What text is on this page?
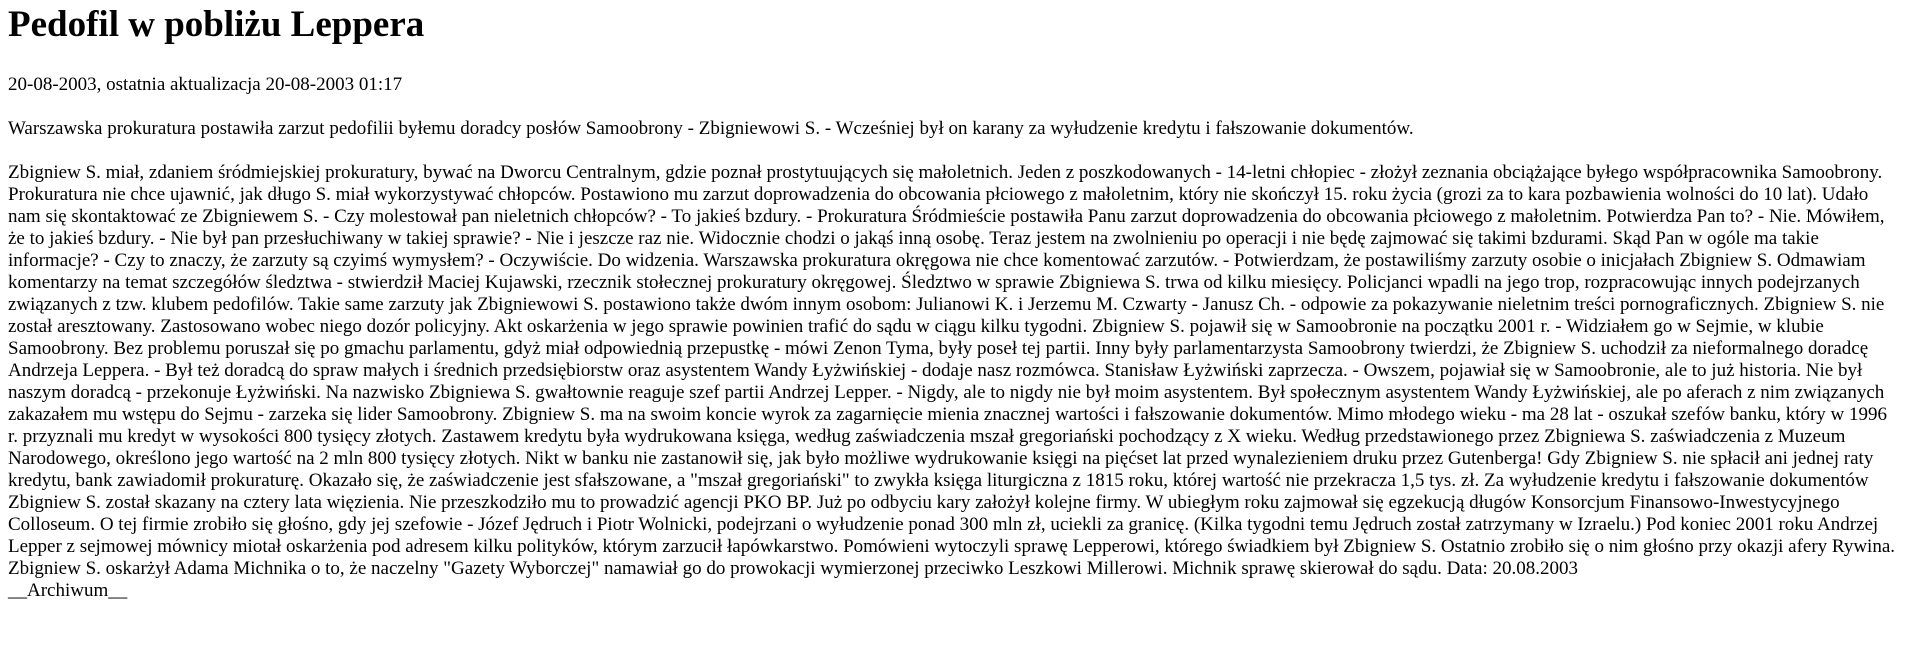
Pedofil w pobliżu Leppera

20-08-2003, ostatnia aktualizacja 20-08-2003 01:17

Warszawska prokuratura postawiła zarzut pedofilii byłemu doradcy posłów Samoobrony - Zbigniewowi S. - Wcześniej był on karany za wyłudzenie kredytu i fałszowanie dokumentów.

Zbigniew S. miał, zdaniem śródmiejskiej prokuratury, bywać na Dworcu Centralnym, gdzie poznał prostytuujących się małoletnich. Jeden z poszkodowanych - 14-letni chłopiec - złożył zeznania obciążające byłego współpracownika Samoobrony. Prokuratura nie chce ujawnić, jak długo S. miał wykorzystywać chłopców. Postawiono mu zarzut doprowadzenia do obcowania płciowego z małoletnim, który nie skończył 15. roku życia (grozi za to kara pozbawienia wolności do 10 lat). Udało nam się skontaktować ze Zbigniewem S. - Czy molestował pan nieletnich chłopców? - To jakieś bzdury. - Prokuratura Śródmieście postawiła Panu zarzut doprowadzenia do obcowania płciowego z małoletnim. Potwierdza Pan to? - Nie. Mówiłem, że to jakieś bzdury. - Nie był pan przesłuchiwany w takiej sprawie? - Nie i jeszcze raz nie. Widocznie chodzi o jakąś inną osobę. Teraz jestem na zwolnieniu po operacji i nie będę zajmować się takimi bzdurami. Skąd Pan w ogóle ma takie informacje? - Czy to znaczy, że zarzuty są czyimś wymysłem? - Oczywiście. Do widzenia. Warszawska prokuratura okręgowa nie chce komentować zarzutów. - Potwierdzam, że postawiliśmy zarzuty osobie o inicjałach Zbigniew S. Odmawiam komentarzy na temat szczegółów śledztwa - stwierdził Maciej Kujawski, rzecznik stołecznej prokuratury okręgowej. Śledztwo w sprawie Zbigniewa S. trwa od kilku miesięcy. Policjanci wpadli na jego trop, rozpracowując innych podejrzanych związanych z tzw. klubem pedofilów. Takie same zarzuty jak Zbigniewowi S. postawiono także dwóm innym osobom: Julianowi K. i Jerzemu M. Czwarty - Janusz Ch. - odpowie za pokazywanie nieletnim treści pornograficznych. Zbigniew S. nie został aresztowany. Zastosowano wobec niego dozór policyjny. Akt oskarżenia w jego sprawie powinien trafić do sądu w ciągu kilku tygodni. Zbigniew S. pojawił się w Samoobronie na początku 2001 r. - Widziałem go w Sejmie, w klubie Samoobrony. Bez problemu poruszał się po gmachu parlamentu, gdyż miał odpowiednią przepustkę - mówi Zenon Tyma, były poseł tej partii. Inny były parlamentarzysta Samoobrony twierdzi, że Zbigniew S. uchodził za nieformalnego doradcę Andrzeja Leppera. - Był też doradcą do spraw małych i średnich przedsiębiorstw oraz asystentem Wandy Łyżwińskiej - dodaje nasz rozmówca. Stanisław Łyżwiński zaprzecza. - Owszem, pojawiał się w Samoobronie, ale to już historia. Nie był naszym doradcą - przekonuje Łyżwiński. Na nazwisko Zbigniewa S. gwałtownie reaguje szef partii Andrzej Lepper. - Nigdy, ale to nigdy nie był moim asystentem. Był społecznym asystentem Wandy Łyżwińskiej, ale po aferach z nim związanych zakazałem mu wstępu do Sejmu - zarzeka się lider Samoobrony. Zbigniew S. ma na swoim koncie wyrok za zagarnięcie mienia znacznej wartości i fałszowanie dokumentów. Mimo młodego wieku - ma 28 lat - oszukał szefów banku, który w 1996 r. przyznali mu kredyt w wysokości 800 tysięcy złotych. Zastawem kredytu była wydrukowana księga, według zaświadczenia mszał gregoriański pochodzący z X wieku. Według przedstawionego przez Zbigniewa S. zaświadczenia z Muzeum Narodowego, określono jego wartość na 2 mln 800 tysięcy złotych. Nikt w banku nie zastanowił się, jak było możliwe wydrukowanie księgi na pięćset lat przed wynalezieniem druku przez Gutenberga! Gdy Zbigniew S. nie spłacił ani jednej raty kredytu, bank zawiadomił prokuraturę. Okazało się, że zaświadczenie jest sfałszowane, a "mszał gregoriański" to zwykła księga liturgiczna z 1815 roku, której wartość nie przekracza 1,5 tys. zł. Za wyłudzenie kredytu i fałszowanie dokumentów Zbigniew S. został skazany na cztery lata więzienia. Nie przeszkodziło mu to prowadzić agencji PKO BP. Już po odbyciu kary założył kolejne firmy. W ubiegłym roku zajmował się egzekucją długów Konsorcjum Finansowo-Inwestycyjnego Colloseum. O tej firmie zrobiło się głośno, gdy jej szefowie - Józef Jędruch i Piotr Wolnicki, podejrzani o wyłudzenie ponad 300 mln zł, uciekli za granicę. (Kilka tygodni temu Jędruch został zatrzymany w Izraelu.) Pod koniec 2001 roku Andrzej Lepper z sejmowej mównicy miotał oskarżenia pod adresem kilku polityków, którym zarzucił łapówkarstwo. Pomówieni wytoczyli sprawę Lepperowi, którego świadkiem był Zbigniew S. Ostatnio zrobiło się o nim głośno przy okazji afery Rywina. Zbigniew S. oskarżył Adama Michnika o to, że naczelny "Gazety Wyborczej" namawiał go do prowokacji wymierzonej przeciwko Leszkowi Millerowi. Michnik sprawę skierował do sądu. Data: 20.08.2003

__Archiwum__
